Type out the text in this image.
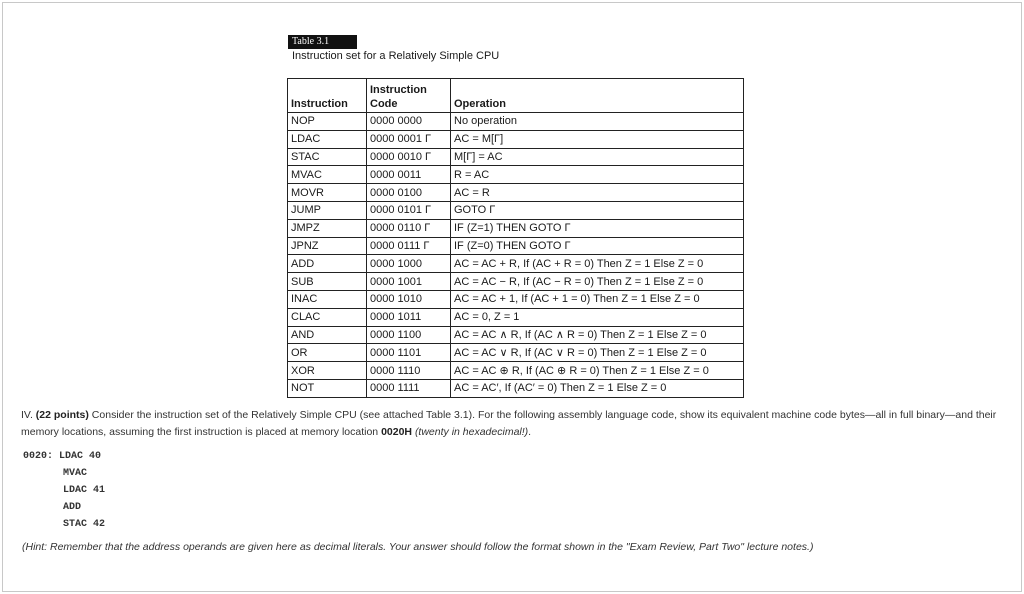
Table 3.1
Instruction set for a Relatively Simple CPU
Instruction	Instruction Code	Operation
NOP	0000 0000	No operation
LDAC	0000 0001 Γ	AC = M[Γ]
STAC	0000 0010 Γ	M[Γ] = AC
MVAC	0000 0011	R = AC
MOVR	0000 0100	AC = R
JUMP	0000 0101 Γ	GOTO Γ
JMPZ	0000 0110 Γ	IF (Z=1) THEN GOTO Γ
JPNZ	0000 0111 Γ	IF (Z=0) THEN GOTO Γ
ADD	0000 1000	AC = AC + R, If (AC + R = 0) Then Z = 1 Else Z = 0
SUB	0000 1001	AC = AC − R, If (AC − R = 0) Then Z = 1 Else Z = 0
INAC	0000 1010	AC = AC + 1, If (AC + 1 = 0) Then Z = 1 Else Z = 0
CLAC	0000 1011	AC = 0, Z = 1
AND	0000 1100	AC = AC ∧ R, If (AC ∧ R = 0) Then Z = 1 Else Z = 0
OR	0000 1101	AC = AC ∨ R, If (AC ∨ R = 0) Then Z = 1 Else Z = 0
XOR	0000 1110	AC = AC ⊕ R, If (AC ⊕ R = 0) Then Z = 1 Else Z = 0
NOT	0000 1111	AC = AC′, If (AC′ = 0) Then Z = 1 Else Z = 0
IV. (22 points) Consider the instruction set of the Relatively Simple CPU (see attached Table 3.1). For the following assembly language code, show its equivalent machine code bytes—all in full binary—and their memory locations, assuming the first instruction is placed at memory location 0020H (twenty in hexadecimal!).
0020: LDAC 40
MVAC
LDAC 41
ADD
STAC 42
(Hint: Remember that the address operands are given here as decimal literals. Your answer should follow the format shown in the "Exam Review, Part Two" lecture notes.)
